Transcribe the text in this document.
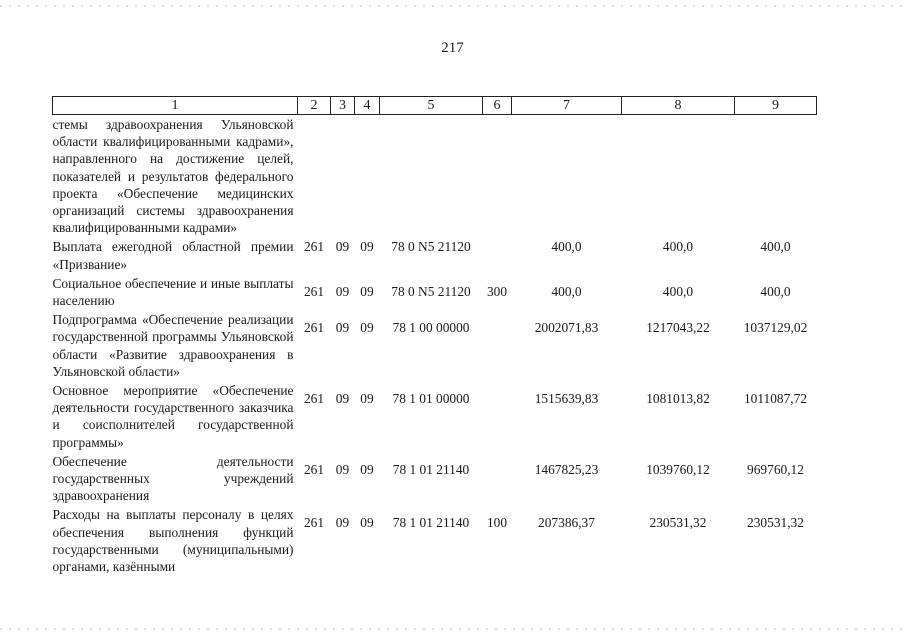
217
1	2	3	4	5	6	7	8	9
стемы здравоохранения Ульяновской области квалифицированными кадрами», направленного на достижение целей, показателей и результатов федерального проекта «Обеспечение медицинских организаций системы здравоохранения квалифицированными кадрами»								
Выплата ежегодной областной премии «Призвание»	261	09	09	78 0 N5 21120		400,0	400,0	400,0
Социальное обеспечение и иные выплаты населению	261	09	09	78 0 N5 21120	300	400,0	400,0	400,0
Подпрограмма «Обеспечение реализации государственной программы Ульяновской области «Развитие здравоохранения в Ульяновской области»	261	09	09	78 1 00 00000		2002071,83	1217043,22	1037129,02
Основное мероприятие «Обеспечение деятельности государственного заказчика и соисполнителей государственной программы»	261	09	09	78 1 01 00000		1515639,83	1081013,82	1011087,72
Обеспечение деятельности государственных учреждений здравоохранения	261	09	09	78 1 01 21140		1467825,23	1039760,12	969760,12
Расходы на выплаты персоналу в целях обеспечения выполнения функций государственными (муниципальными) органами, казёнными	261	09	09	78 1 01 21140	100	207386,37	230531,32	230531,32
